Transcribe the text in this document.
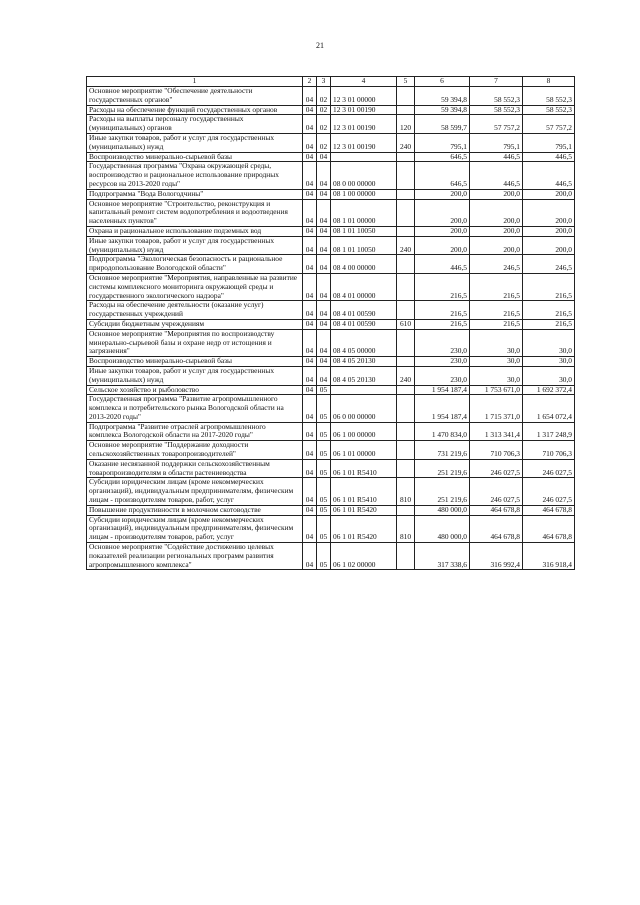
21
1	2	3	4	5	6	7	8
Основное мероприятие "Обеспечение деятельности государственных органов"	04	02	12 3 01 00000		59 394,8	58 552,3	58 552,3
Расходы на обеспечение функций государственных органов	04	02	12 3 01 00190		59 394,8	58 552,3	58 552,3
Расходы на выплаты персоналу государственных (муниципальных) органов	04	02	12 3 01 00190	120	58 599,7	57 757,2	57 757,2
Иные закупки товаров, работ и услуг для государственных (муниципальных) нужд	04	02	12 3 01 00190	240	795,1	795,1	795,1
Воспроизводство минерально-сырьевой базы	04	04			646,5	446,5	446,5
Государственная программа "Охрана окружающей среды, воспроизводство и рациональное использование природных ресурсов на 2013-2020 годы"	04	04	08 0 00 00000		646,5	446,5	446,5
Подпрограмма "Вода Вологодчины"	04	04	08 1 00 00000		200,0	200,0	200,0
Основное мероприятие "Строительство, реконструкция и капитальный ремонт систем водопотребления и водоотведения населенных пунктов"	04	04	08 1 01 00000		200,0	200,0	200,0
Охрана и рациональное использование подземных вод	04	04	08 1 01 10050		200,0	200,0	200,0
Иные закупки товаров, работ и услуг для государственных (муниципальных) нужд	04	04	08 1 01 10050	240	200,0	200,0	200,0
Подпрограмма "Экологическая безопасность и рациональное природопользование Вологодской области"	04	04	08 4 00 00000		446,5	246,5	246,5
Основное мероприятие "Мероприятия, направленные на развитие системы комплексного мониторинга окружающей среды и государственного экологического надзора"	04	04	08 4 01 00000		216,5	216,5	216,5
Расходы на обеспечение деятельности (оказание услуг) государственных учреждений	04	04	08 4 01 00590		216,5	216,5	216,5
Субсидии бюджетным учреждениям	04	04	08 4 01 00590	610	216,5	216,5	216,5
Основное мероприятие "Мероприятия по воспроизводству минерально-сырьевой базы и охране недр от истощения и загрязнения"	04	04	08 4 05 00000		230,0	30,0	30,0
Воспроизводство минерально-сырьевой базы	04	04	08 4 05 20130		230,0	30,0	30,0
Иные закупки товаров, работ и услуг для государственных (муниципальных) нужд	04	04	08 4 05 20130	240	230,0	30,0	30,0
Сельское хозяйство и рыболовство	04	05			1 954 187,4	1 753 671,0	1 692 372,4
Государственная программа "Развитие агропромышленного комплекса и потребительского рынка Вологодской области на 2013-2020 годы"	04	05	06 0 00 00000		1 954 187,4	1 715 371,0	1 654 072,4
Подпрограмма "Развитие отраслей агропромышленного комплекса Вологодской области на 2017-2020 годы"	04	05	06 1 00 00000		1 470 834,0	1 313 341,4	1 317 248,9
Основное мероприятие "Поддержание доходности сельскохозяйственных товаропроизводителей"	04	05	06 1 01 00000		731 219,6	710 706,3	710 706,3
Оказание несвязанной поддержки сельскохозяйственным товаропроизводителям в области растениеводства	04	05	06 1 01 R5410		251 219,6	246 027,5	246 027,5
Субсидии юридическим лицам (кроме некоммерческих организаций), индивидуальным предпринимателям, физическим лицам - производителям товаров, работ, услуг	04	05	06 1 01 R5410	810	251 219,6	246 027,5	246 027,5
Повышение продуктивности в молочном скотоводстве	04	05	06 1 01 R5420		480 000,0	464 678,8	464 678,8
Субсидии юридическим лицам (кроме некоммерческих организаций), индивидуальным предпринимателям, физическим лицам - производителям товаров, работ, услуг	04	05	06 1 01 R5420	810	480 000,0	464 678,8	464 678,8
Основное мероприятие "Содействие достижению целевых показателей реализации региональных программ развития агропромышленного комплекса"	04	05	06 1 02 00000		317 338,6	316 992,4	316 918,4
